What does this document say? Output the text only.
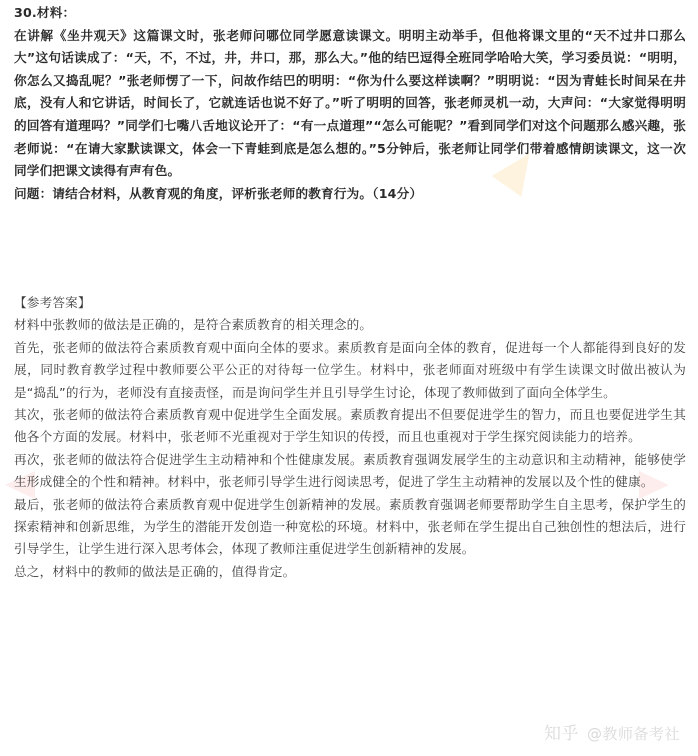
30.材料：

在讲解《坐井观天》这篇课文时，张老师问哪位同学愿意读课文。明明主动举手，但他将课文里的“天不过井口那么大”这句话读成了：“天，不，不过，井，井口，那，那么大。”他的结巴逗得全班同学哈哈大笑，学习委员说：“明明，你怎么又捣乱呢？”张老师愣了一下，问故作结巴的明明：“你为什么要这样读啊？”明明说：“因为青蛙长时间呆在井底，没有人和它讲话，时间长了，它就连话也说不好了。”听了明明的回答，张老师灵机一动，大声问：“大家觉得明明的回答有道理吗？”同学们七嘴八舌地议论开了：“有一点道理”“怎么可能呢？”看到同学们对这个问题那么感兴趣，张老师说：“在请大家默读课文，体会一下青蛙到底是怎么想的。”5分钟后，张老师让同学们带着感情朗读课文，这一次同学们把课文读得有声有色。

问题：请结合材料，从教育观的角度，评析张老师的教育行为。（14分）

【参考答案】

材料中张教师的做法是正确的，是符合素质教育的相关理念的。

首先，张老师的做法符合素质教育观中面向全体的要求。素质教育是面向全体的教育，促进每一个人都能得到良好的发展，同时教育教学过程中教师要公平公正的对待每一位学生。材料中，张老师面对班级中有学生读课文时做出被认为是“捣乱”的行为，老师没有直接责怪，而是询问学生并且引导学生讨论，体现了教师做到了面向全体学生。

其次，张老师的做法符合素质教育观中促进学生全面发展。素质教育提出不但要促进学生的智力，而且也要促进学生其他各个方面的发展。材料中，张老师不光重视对于学生知识的传授，而且也重视对于学生探究阅读能力的培养。

再次，张老师的做法符合促进学生主动精神和个性健康发展。素质教育强调发展学生的主动意识和主动精神，能够使学生形成健全的个性和精神。材料中，张老师引导学生进行阅读思考，促进了学生主动精神的发展以及个性的健康。

最后，张老师的做法符合素质教育观中促进学生创新精神的发展。素质教育强调老师要帮助学生自主思考，保护学生的探索精神和创新思维，为学生的潜能开发创造一种宽松的环境。材料中，张老师在学生提出自己独创性的想法后，进行引导学生，让学生进行深入思考体会，体现了教师注重促进学生创新精神的发展。

总之，材料中的教师的做法是正确的，值得肯定。

知乎 @教师备考社
